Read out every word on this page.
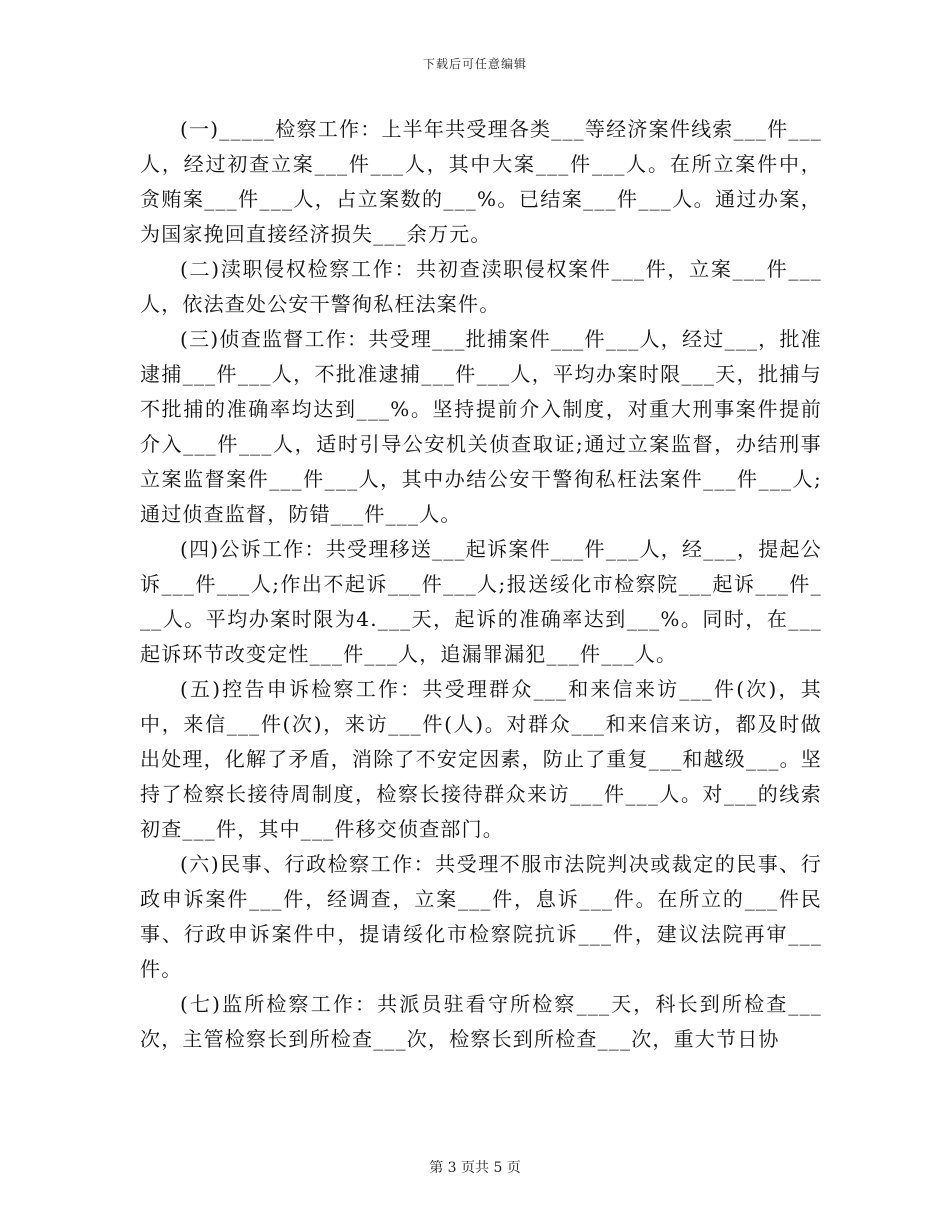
下载后可任意编辑

(一)_____检察工作：上半年共受理各类___等经济案件线索___件___人，经过初查立案___件___人，其中大案___件___人。在所立案件中，贪贿案___件___人，占立案数的___%。已结案___件___人。通过办案，为国家挽回直接经济损失___余万元。

(二)渎职侵权检察工作：共初查渎职侵权案件___件，立案___件___人，依法查处公安干警徇私枉法案件。

(三)侦查监督工作：共受理___批捕案件___件___人，经过___，批准逮捕___件___人，不批准逮捕___件___人，平均办案时限___天，批捕与不批捕的准确率均达到___%。坚持提前介入制度，对重大刑事案件提前介入___件___人，适时引导公安机关侦查取证;通过立案监督，办结刑事立案监督案件___件___人，其中办结公安干警徇私枉法案件___件___人;通过侦查监督，防错___件___人。

(四)公诉工作：共受理移送___起诉案件___件___人，经___，提起公诉___件___人;作出不起诉___件___人;报送绥化市检察院___起诉___件___人。平均办案时限为4.___天，起诉的准确率达到___%。同时，在___起诉环节改变定性___件___人，追漏罪漏犯___件___人。

(五)控告申诉检察工作：共受理群众___和来信来访___件(次)，其中，来信___件(次)，来访___件(人)。对群众___和来信来访，都及时做出处理，化解了矛盾，消除了不安定因素，防止了重复___和越级___。坚持了检察长接待周制度，检察长接待群众来访___件___人。对___的线索初查___件，其中___件移交侦查部门。

(六)民事、行政检察工作：共受理不服市法院判决或裁定的民事、行政申诉案件___件，经调查，立案___件，息诉___件。在所立的___件民事、行政申诉案件中，提请绥化市检察院抗诉___件，建议法院再审___件。

(七)监所检察工作：共派员驻看守所检察___天，科长到所检查___次，主管检察长到所检查___次，检察长到所检查___次，重大节日协

第 3 页共 5 页
